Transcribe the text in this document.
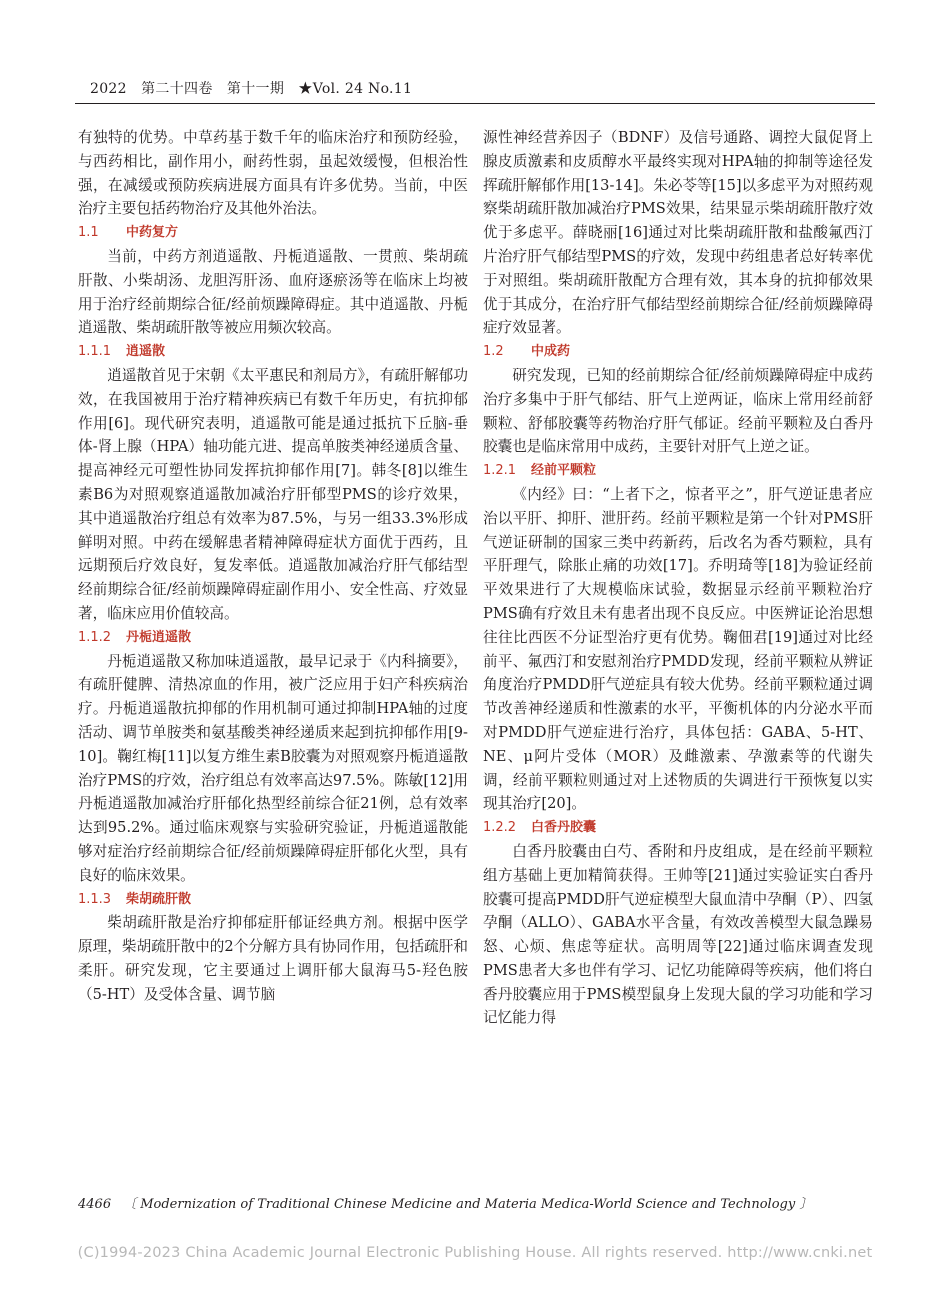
2022　第二十四卷　第十一期　★Vol. 24 No.11

有独特的优势。中草药基于数千年的临床治疗和预防经验，与西药相比，副作用小，耐药性弱，虽起效缓慢，但根治性强，在减缓或预防疾病进展方面具有许多优势。当前，中医治疗主要包括药物治疗及其他外治法。

1.1 中药复方

当前，中药方剂逍遥散、丹栀逍遥散、一贯煎、柴胡疏肝散、小柴胡汤、龙胆泻肝汤、血府逐瘀汤等在临床上均被用于治疗经前期综合征/经前烦躁障碍症。其中逍遥散、丹栀逍遥散、柴胡疏肝散等被应用频次较高。

1.1.1 逍遥散

逍遥散首见于宋朝《太平惠民和剂局方》，有疏肝解郁功效，在我国被用于治疗精神疾病已有数千年历史，有抗抑郁作用[6]。现代研究表明，逍遥散可能是通过抵抗下丘脑-垂体-肾上腺（HPA）轴功能亢进、提高单胺类神经递质含量、提高神经元可塑性协同发挥抗抑郁作用[7]。韩冬[8]以维生素B6为对照观察逍遥散加减治疗肝郁型PMS的诊疗效果，其中逍遥散治疗组总有效率为87.5%，与另一组33.3%形成鲜明对照。中药在缓解患者精神障碍症状方面优于西药，且远期预后疗效良好，复发率低。逍遥散加减治疗肝气郁结型经前期综合征/经前烦躁障碍症副作用小、安全性高、疗效显著，临床应用价值较高。

1.1.2 丹栀逍遥散

丹栀逍遥散又称加味逍遥散，最早记录于《内科摘要》，有疏肝健脾、清热凉血的作用，被广泛应用于妇产科疾病治疗。丹栀逍遥散抗抑郁的作用机制可通过抑制HPA轴的过度活动、调节单胺类和氨基酸类神经递质来起到抗抑郁作用[9-10]。鞠红梅[11]以复方维生素B胶囊为对照观察丹栀逍遥散治疗PMS的疗效，治疗组总有效率高达97.5%。陈敏[12]用丹栀逍遥散加减治疗肝郁化热型经前综合征21例，总有效率达到95.2%。通过临床观察与实验研究验证，丹栀逍遥散能够对症治疗经前期综合征/经前烦躁障碍症肝郁化火型，具有良好的临床效果。

1.1.3 柴胡疏肝散

柴胡疏肝散是治疗抑郁症肝郁证经典方剂。根据中医学原理，柴胡疏肝散中的2个分解方具有协同作用，包括疏肝和柔肝。研究发现，它主要通过上调肝郁大鼠海马5-羟色胺（5-HT）及受体含量、调节脑

源性神经营养因子（BDNF）及信号通路、调控大鼠促肾上腺皮质激素和皮质醇水平最终实现对HPA轴的抑制等途径发挥疏肝解郁作用[13-14]。朱必苓等[15]以多虑平为对照药观察柴胡疏肝散加减治疗PMS效果，结果显示柴胡疏肝散疗效优于多虑平。薛晓丽[16]通过对比柴胡疏肝散和盐酸氟西汀片治疗肝气郁结型PMS的疗效，发现中药组患者总好转率优于对照组。柴胡疏肝散配方合理有效，其本身的抗抑郁效果优于其成分，在治疗肝气郁结型经前期综合征/经前烦躁障碍症疗效显著。

1.2 中成药

研究发现，已知的经前期综合征/经前烦躁障碍症中成药治疗多集中于肝气郁结、肝气上逆两证，临床上常用经前舒颗粒、舒郁胶囊等药物治疗肝气郁证。经前平颗粒及白香丹胶囊也是临床常用中成药，主要针对肝气上逆之证。

1.2.1 经前平颗粒

《内经》曰：“上者下之，惊者平之”，肝气逆证患者应治以平肝、抑肝、泄肝药。经前平颗粒是第一个针对PMS肝气逆证研制的国家三类中药新药，后改名为香芍颗粒，具有平肝理气，除胀止痛的功效[17]。乔明琦等[18]为验证经前平效果进行了大规模临床试验，数据显示经前平颗粒治疗PMS确有疗效且未有患者出现不良反应。中医辨证论治思想往往比西医不分证型治疗更有优势。鞠佃君[19]通过对比经前平、氟西汀和安慰剂治疗PMDD发现，经前平颗粒从辨证角度治疗PMDD肝气逆症具有较大优势。经前平颗粒通过调节改善神经递质和性激素的水平，平衡机体的内分泌水平而对PMDD肝气逆症进行治疗，具体包括：GABA、5-HT、NE、μ阿片受体（MOR）及雌激素、孕激素等的代谢失调，经前平颗粒则通过对上述物质的失调进行干预恢复以实现其治疗[20]。

1.2.2 白香丹胶囊

白香丹胶囊由白芍、香附和丹皮组成，是在经前平颗粒组方基础上更加精简获得。王帅等[21]通过实验证实白香丹胶囊可提高PMDD肝气逆症模型大鼠血清中孕酮（P）、四氢孕酮（ALLO）、GABA水平含量，有效改善模型大鼠急躁易怒、心烦、焦虑等症状。高明周等[22]通过临床调查发现PMS患者大多也伴有学习、记忆功能障碍等疾病，他们将白香丹胶囊应用于PMS模型鼠身上发现大鼠的学习功能和学习记忆能力得

4466 〔 Modernization of Traditional Chinese Medicine and Materia Medica-World Science and Technology 〕
(C)1994-2023 China Academic Journal Electronic Publishing House. All rights reserved. http://www.cnki.net
